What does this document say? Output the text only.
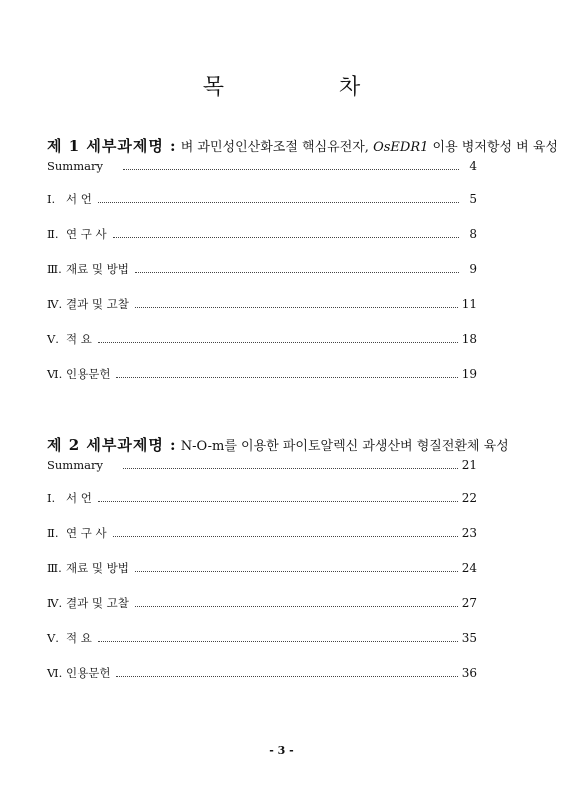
목 차
제 1 세부과제명 : 벼 과민성인산화조절 핵심유전자, OsEDR1 이용 병저항성 벼 육성
Summary	4
Ⅰ. 서 언	5
Ⅱ. 연 구 사	8
Ⅲ. 재료 및 방법	9
Ⅳ. 결과 및 고찰	11
Ⅴ. 적 요	18
Ⅵ. 인용문헌	19
제 2 세부과제명 : N-O-m를 이용한 파이토알렉신 과생산벼 형질전환체 육성
Summary	21
Ⅰ. 서 언	22
Ⅱ. 연 구 사	23
Ⅲ. 재료 및 방법	24
Ⅳ. 결과 및 고찰	27
Ⅴ. 적 요	35
Ⅵ. 인용문헌	36
- 3 -
